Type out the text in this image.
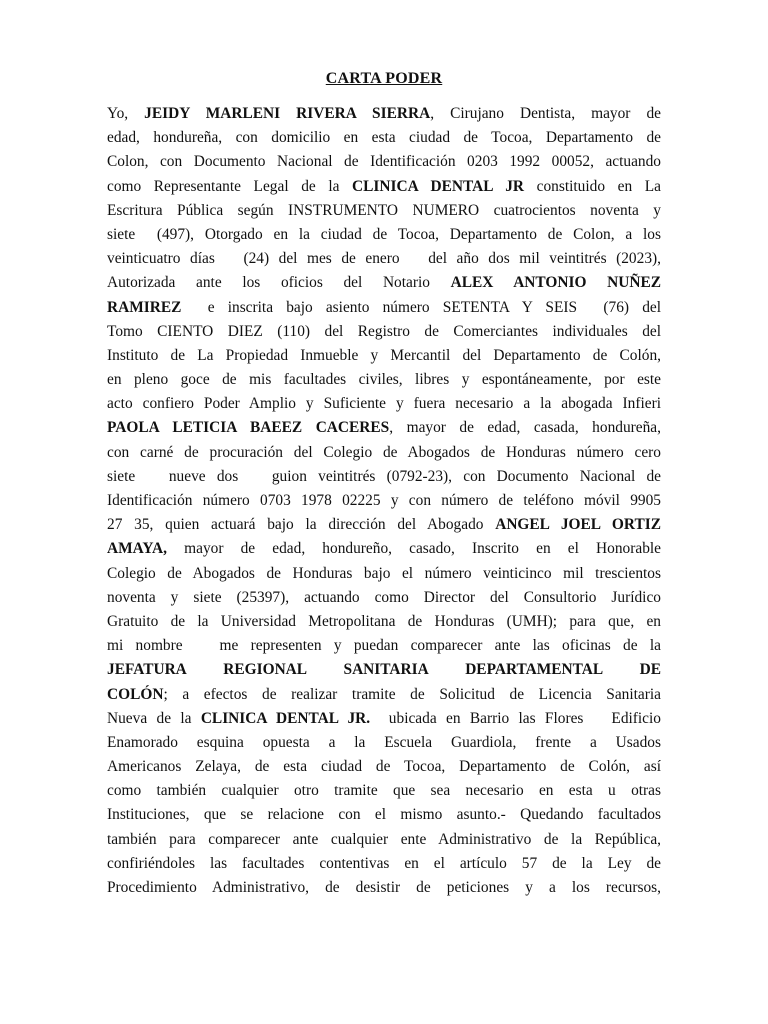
CARTA PODER
Yo, JEIDY MARLENI RIVERA SIERRA, Cirujano Dentista, mayor de
edad, hondureña, con domicilio en esta ciudad de Tocoa, Departamento de
Colon, con Documento Nacional de Identificación 0203 1992 00052, actuando
como Representante Legal de la CLINICA DENTAL JR constituido en La
Escritura Pública según INSTRUMENTO NUMERO cuatrocientos noventa y
siete  (497), Otorgado en la ciudad de Tocoa, Departamento de Colon, a los
veinticuatro días   (24) del mes de enero   del año dos mil veintitrés (2023),
Autorizada ante los oficios del Notario ALEX ANTONIO NUÑEZ
RAMIREZ  e inscrita bajo asiento número SETENTA Y SEIS  (76) del
Tomo CIENTO DIEZ (110) del Registro de Comerciantes individuales del
Instituto de La Propiedad Inmueble y Mercantil del Departamento de Colón,
en pleno goce de mis facultades civiles, libres y espontáneamente, por este
acto confiero Poder Amplio y Suficiente y fuera necesario a la abogada Infieri
PAOLA LETICIA BAEEZ CACERES, mayor de edad, casada, hondureña,
con carné de procuración del Colegio de Abogados de Honduras número cero
siete   nueve dos   guion veintitrés (0792-23), con Documento Nacional de
Identificación número 0703 1978 02225 y con número de teléfono móvil 9905
27 35, quien actuará bajo la dirección del Abogado ANGEL JOEL ORTIZ
AMAYA, mayor de edad, hondureño, casado, Inscrito en el Honorable
Colegio de Abogados de Honduras bajo el número veinticinco mil trescientos
noventa y siete (25397), actuando como Director del Consultorio Jurídico
Gratuito de la Universidad Metropolitana de Honduras (UMH); para que, en
mi nombre   me representen y puedan comparecer ante las oficinas de la
JEFATURA REGIONAL SANITARIA DEPARTAMENTAL DE
COLÓN; a efectos de realizar tramite de Solicitud de Licencia Sanitaria
Nueva de la CLINICA DENTAL JR.  ubicada en Barrio las Flores   Edificio
Enamorado esquina opuesta a la Escuela Guardiola, frente a Usados
Americanos Zelaya, de esta ciudad de Tocoa, Departamento de Colón, así
como también cualquier otro tramite que sea necesario en esta u otras
Instituciones, que se relacione con el mismo asunto.- Quedando facultados
también para comparecer ante cualquier ente Administrativo de la República,
confiriéndoles las facultades contentivas en el artículo 57 de la Ley de
Procedimiento Administrativo, de desistir de peticiones y a los recursos,
